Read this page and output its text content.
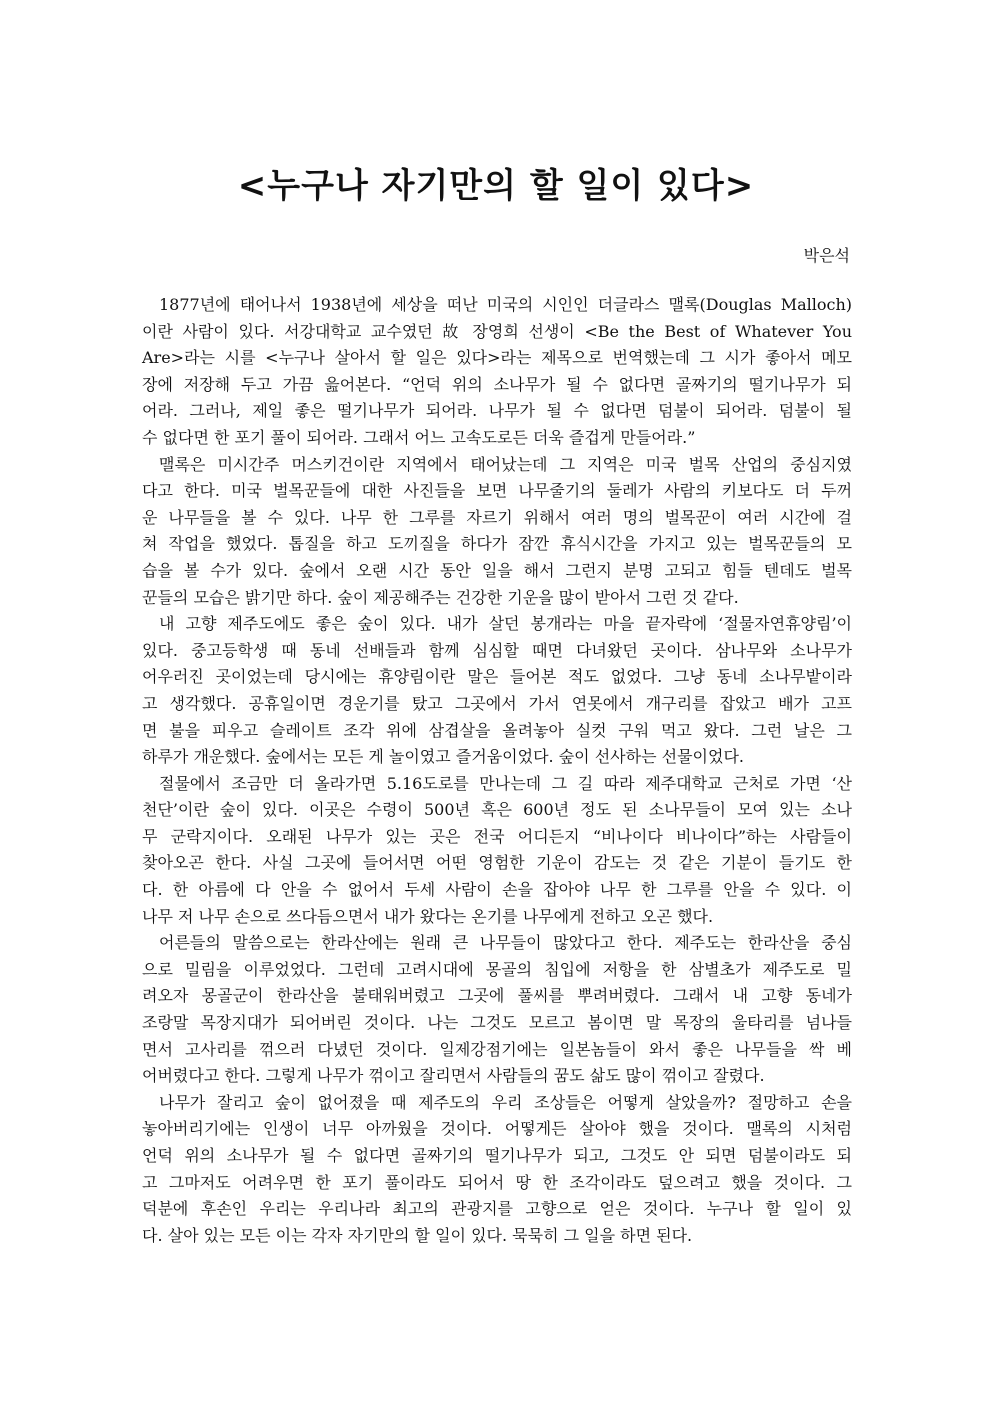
<누구나 자기만의 할 일이 있다>
박은석
1877년에 태어나서 1938년에 세상을 떠난 미국의 시인인 더글라스 맬록(Douglas Malloch)
이란 사람이 있다. 서강대학교 교수였던 故 장영희 선생이 <Be the Best of Whatever You
Are>라는 시를 <누구나 살아서 할 일은 있다>라는 제목으로 번역했는데 그 시가 좋아서 메모
장에 저장해 두고 가끔 읊어본다. “언덕 위의 소나무가 될 수 없다면 골짜기의 떨기나무가 되
어라. 그러나, 제일 좋은 떨기나무가 되어라. 나무가 될 수 없다면 덤불이 되어라. 덤불이 될
수 없다면 한 포기 풀이 되어라. 그래서 어느 고속도로든 더욱 즐겁게 만들어라.”
맬록은 미시간주 머스키건이란 지역에서 태어났는데 그 지역은 미국 벌목 산업의 중심지였
다고 한다. 미국 벌목꾼들에 대한 사진들을 보면 나무줄기의 둘레가 사람의 키보다도 더 두꺼
운 나무들을 볼 수 있다. 나무 한 그루를 자르기 위해서 여러 명의 벌목꾼이 여러 시간에 걸
쳐 작업을 했었다. 톱질을 하고 도끼질을 하다가 잠깐 휴식시간을 가지고 있는 벌목꾼들의 모
습을 볼 수가 있다. 숲에서 오랜 시간 동안 일을 해서 그런지 분명 고되고 힘들 텐데도 벌목
꾼들의 모습은 밝기만 하다. 숲이 제공해주는 건강한 기운을 많이 받아서 그런 것 같다.
내 고향 제주도에도 좋은 숲이 있다. 내가 살던 봉개라는 마을 끝자락에 ‘절물자연휴양림’이
있다. 중고등학생 때 동네 선배들과 함께 심심할 때면 다녀왔던 곳이다. 삼나무와 소나무가
어우러진 곳이었는데 당시에는 휴양림이란 말은 들어본 적도 없었다. 그냥 동네 소나무밭이라
고 생각했다. 공휴일이면 경운기를 탔고 그곳에서 가서 연못에서 개구리를 잡았고 배가 고프
면 불을 피우고 슬레이트 조각 위에 삼겹살을 올려놓아 실컷 구워 먹고 왔다. 그런 날은 그
하루가 개운했다. 숲에서는 모든 게 놀이였고 즐거움이었다. 숲이 선사하는 선물이었다.
절물에서 조금만 더 올라가면 5.16도로를 만나는데 그 길 따라 제주대학교 근처로 가면 ‘산
천단’이란 숲이 있다. 이곳은 수령이 500년 혹은 600년 정도 된 소나무들이 모여 있는 소나
무 군락지이다. 오래된 나무가 있는 곳은 전국 어디든지 “비나이다 비나이다”하는 사람들이
찾아오곤 한다. 사실 그곳에 들어서면 어떤 영험한 기운이 감도는 것 같은 기분이 들기도 한
다. 한 아름에 다 안을 수 없어서 두세 사람이 손을 잡아야 나무 한 그루를 안을 수 있다. 이
나무 저 나무 손으로 쓰다듬으면서 내가 왔다는 온기를 나무에게 전하고 오곤 했다.
어른들의 말씀으로는 한라산에는 원래 큰 나무들이 많았다고 한다. 제주도는 한라산을 중심
으로 밀림을 이루었었다. 그런데 고려시대에 몽골의 침입에 저항을 한 삼별초가 제주도로 밀
려오자 몽골군이 한라산을 불태워버렸고 그곳에 풀씨를 뿌려버렸다. 그래서 내 고향 동네가
조랑말 목장지대가 되어버린 것이다. 나는 그것도 모르고 봄이면 말 목장의 울타리를 넘나들
면서 고사리를 꺾으러 다녔던 것이다. 일제강점기에는 일본놈들이 와서 좋은 나무들을 싹 베
어버렸다고 한다. 그렇게 나무가 꺾이고 잘리면서 사람들의 꿈도 삶도 많이 꺾이고 잘렸다.
나무가 잘리고 숲이 없어졌을 때 제주도의 우리 조상들은 어떻게 살았을까? 절망하고 손을
놓아버리기에는 인생이 너무 아까웠을 것이다. 어떻게든 살아야 했을 것이다. 맬록의 시처럼
언덕 위의 소나무가 될 수 없다면 골짜기의 떨기나무가 되고, 그것도 안 되면 덤불이라도 되
고 그마저도 어려우면 한 포기 풀이라도 되어서 땅 한 조각이라도 덮으려고 했을 것이다. 그
덕분에 후손인 우리는 우리나라 최고의 관광지를 고향으로 얻은 것이다. 누구나 할 일이 있
다. 살아 있는 모든 이는 각자 자기만의 할 일이 있다. 묵묵히 그 일을 하면 된다.
